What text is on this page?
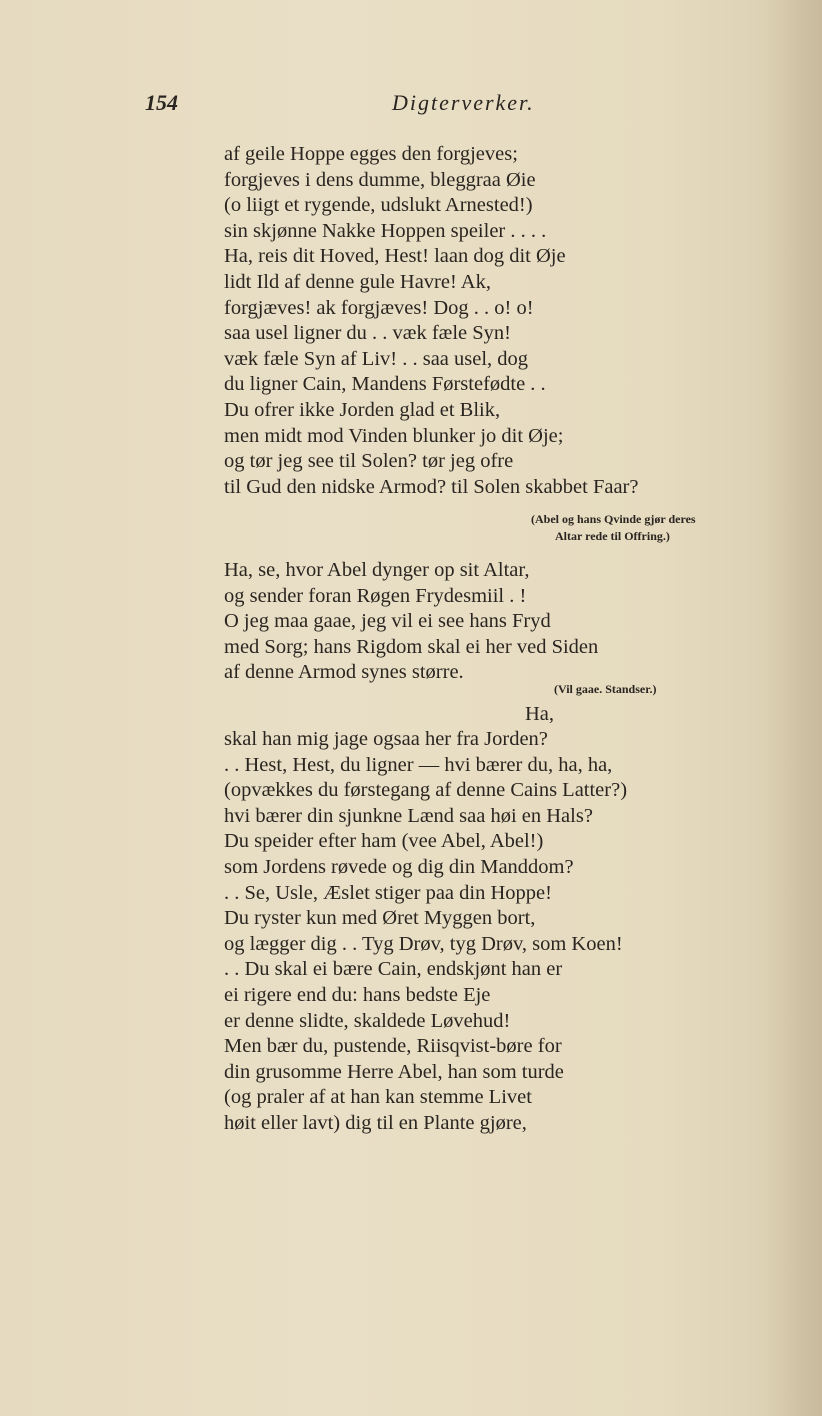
154	Digterverker.
af geile Hoppe egges den forgjeves;
forgjeves i dens dumme, bleggraa Øie
(o liigt et rygende, udslukt Arnested!)
sin skjønne Nakke Hoppen speiler . . . .
Ha, reis dit Hoved, Hest! laan dog dit Øje
lidt Ild af denne gule Havre! Ak,
forgjæves! ak forgjæves! Dog . . o! o!
saa usel ligner du . . væk fæle Syn!
væk fæle Syn af Liv! . . saa usel, dog
du ligner Cain, Mandens Førstefødte . .
Du ofrer ikke Jorden glad et Blik,
men midt mod Vinden blunker jo dit Øje;
og tør jeg see til Solen? tør jeg ofre
til Gud den nidske Armod? til Solen skabbet Faar?
(Abel og hans Qvinde gjør deres
Altar rede til Offring.)
Ha, se, hvor Abel dynger op sit Altar,
og sender foran Røgen Frydesmiil . !
O jeg maa gaae, jeg vil ei see hans Fryd
med Sorg; hans Rigdom skal ei her ved Siden
af denne Armod synes større.
(Vil gaae. Standser.)
Ha,
skal han mig jage ogsaa her fra Jorden?
. . Hest, Hest, du ligner — hvi bærer du, ha, ha,
(opvækkes du førstegang af denne Cains Latter?)
hvi bærer din sjunkne Lænd saa høi en Hals?
Du speider efter ham (vee Abel, Abel!)
som Jordens røvede og dig din Manddom?
. . Se, Usle, Æslet stiger paa din Hoppe!
Du ryster kun med Øret Myggen bort,
og lægger dig . . Tyg Drøv, tyg Drøv, som Koen!
. . Du skal ei bære Cain, endskjønt han er
ei rigere end du: hans bedste Eje
er denne slidte, skaldede Løvehud!
Men bær du, pustende, Riisqvist-børe for
din grusomme Herre Abel, han som turde
(og praler af at han kan stemme Livet
høit eller lavt) dig til en Plante gjøre,
